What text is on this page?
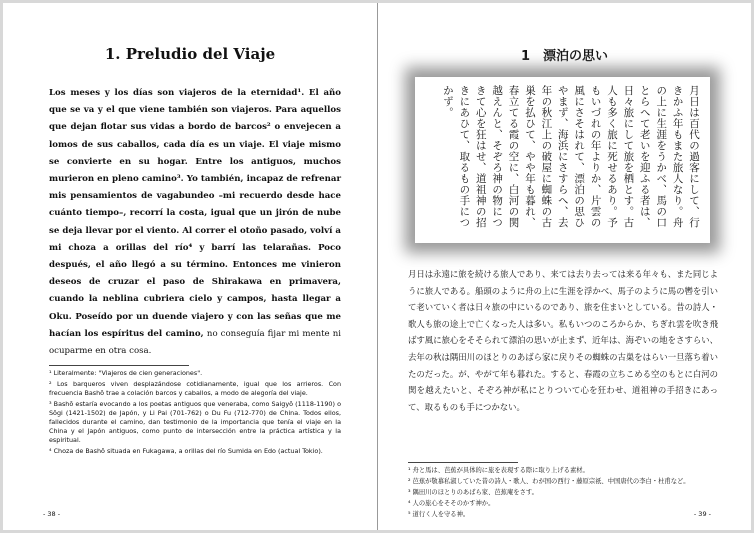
1. Preludio del Viaje
Los meses y los días son viajeros de la eternidad¹. El año que se va y el que viene también son viajeros. Para aquellos que dejan flotar sus vidas a bordo de barcos² o envejecen a lomos de sus caballos, cada día es un viaje. El viaje mismo se convierte en su hogar. Entre los antiguos, muchos murieron en pleno camino³. Yo también, incapaz de refrenar mis pensamientos de vagabundeo –mi recuerdo desde hace cuánto tiempo–, recorrí la costa, igual que un jirón de nube se deja llevar por el viento. Al correr el otoño pasado, volví a mi choza a orillas del río⁴ y barrí las telarañas. Poco después, el año llegó a su término. Entonces me vinieron deseos de cruzar el paso de Shirakawa en primavera, cuando la neblina cubriera cielo y campos, hasta llegar a Oku. Poseído por un duende viajero y con las señas que me hacían los espíritus del camino, no conseguía fijar mi mente ni ocuparme en otra cosa.

¹ Literalmente: "Viajeros de cien generaciones".

² Los barqueros viven desplazándose cotidianamente, igual que los arrieros. Con frecuencia Bashō trae a colación barcos y caballos, a modo de alegoría del viaje.

³ Bashō estaría evocando a los poetas antiguos que veneraba, como Saigyō (1118-1190) o Sōgi (1421-1502) de Japón, y Li Pai (701-762) o Du Fu (712-770) de China. Todos ellos, fallecidos durante el camino, dan testimonio de la importancia que tenía el viaje en la China y el Japón antiguos, como punto de intersección entre la práctica artística y la espiritual.

⁴ Choza de Bashō situada en Fukagawa, a orillas del río Sumida en Edo (actual Tokio).

- 38 -
1　漂泊の思い
月日は百代の過客にして、行きかふ年もまた旅人なり。舟の上に生涯をうかべ、馬の口とらへて老いを迎ふる者は、日々旅にして旅を栖とす。古人も多く旅に死せるあり。予もいづれの年よりか、片雲の風にさそはれて、漂泊の思ひやまず、海浜にさすらへ、去年の秋江上の破屋に蜘蛛の古巣を払ひて、やや年も暮れ、春立てる霞の空に、白河の関越えんと、そぞろ神の物につきて心を狂はせ、道祖神の招きにあひて、取るもの手につかず。
月日は永遠に旅を続ける旅人であり、来ては去り去っては来る年々も、また同じように旅人である。船頭のように舟の上に生涯を浮かべ、馬子のように馬の轡を引いて老いていく者は日々旅の中にいるのであり、旅を住まいとしている。昔の詩人・歌人も旅の途上で亡くなった人は多い。私もいつのころからか、ちぎれ雲を吹き飛ばす風に旅心をそそられて漂泊の思いが止まず、近年は、海ぞいの地をさすらい、去年の秋は隅田川のほとりのあばら家に戻りその蜘蛛の古巣をはらい一旦落ち着いたのだった。が、やがて年も暮れた。すると、春霞の立ちこめる空のもとに白河の関を越えたいと、そぞろ神が私にとりついて心を狂わせ、道祖神の手招きにあって、取るものも手につかない。

¹ 舟と馬は、芭蕉が具体的に旅を表現する際に取り上げる素材。

² 芭蕉が敬慕私淑していた昔の詩人・歌人、わが国の西行・藤原宗祇、中国唐代の李白・杜甫など。

³ 隅田川のほとりのあばら家、芭蕉庵をさす。

⁴ 人の旅心をそそのかす神か。

⁵ 道行く人を守る神。	- 39 -
